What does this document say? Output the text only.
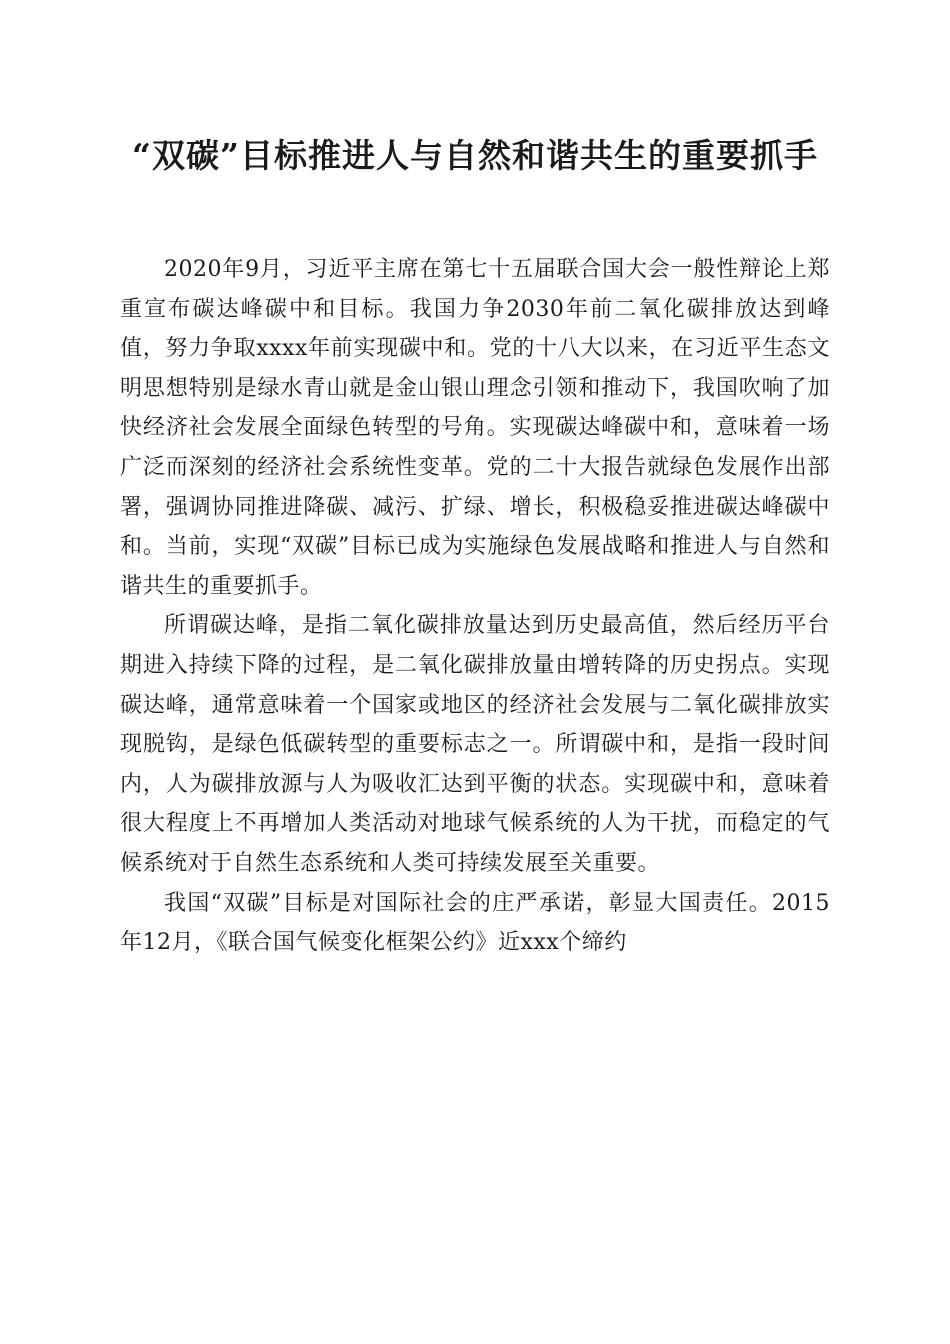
“双碳”目标推进人与自然和谐共生的重要抓手

2020年9月，习近平主席在第七十五届联合国大会一般性辩论上郑重宣布碳达峰碳中和目标。我国力争2030年前二氧化碳排放达到峰值，努力争取xxxx年前实现碳中和。党的十八大以来，在习近平生态文明思想特别是绿水青山就是金山银山理念引领和推动下，我国吹响了加快经济社会发展全面绿色转型的号角。实现碳达峰碳中和，意味着一场广泛而深刻的经济社会系统性变革。党的二十大报告就绿色发展作出部署，强调协同推进降碳、减污、扩绿、增长，积极稳妥推进碳达峰碳中和。当前，实现“双碳”目标已成为实施绿色发展战略和推进人与自然和谐共生的重要抓手。

所谓碳达峰，是指二氧化碳排放量达到历史最高值，然后经历平台期进入持续下降的过程，是二氧化碳排放量由增转降的历史拐点。实现碳达峰，通常意味着一个国家或地区的经济社会发展与二氧化碳排放实现脱钩，是绿色低碳转型的重要标志之一。所谓碳中和，是指一段时间内，人为碳排放源与人为吸收汇达到平衡的状态。实现碳中和，意味着很大程度上不再增加人类活动对地球气候系统的人为干扰，而稳定的气候系统对于自然生态系统和人类可持续发展至关重要。

我国“双碳”目标是对国际社会的庄严承诺，彰显大国责任。2015年12月，《联合国气候变化框架公约》近xxx个缔约
